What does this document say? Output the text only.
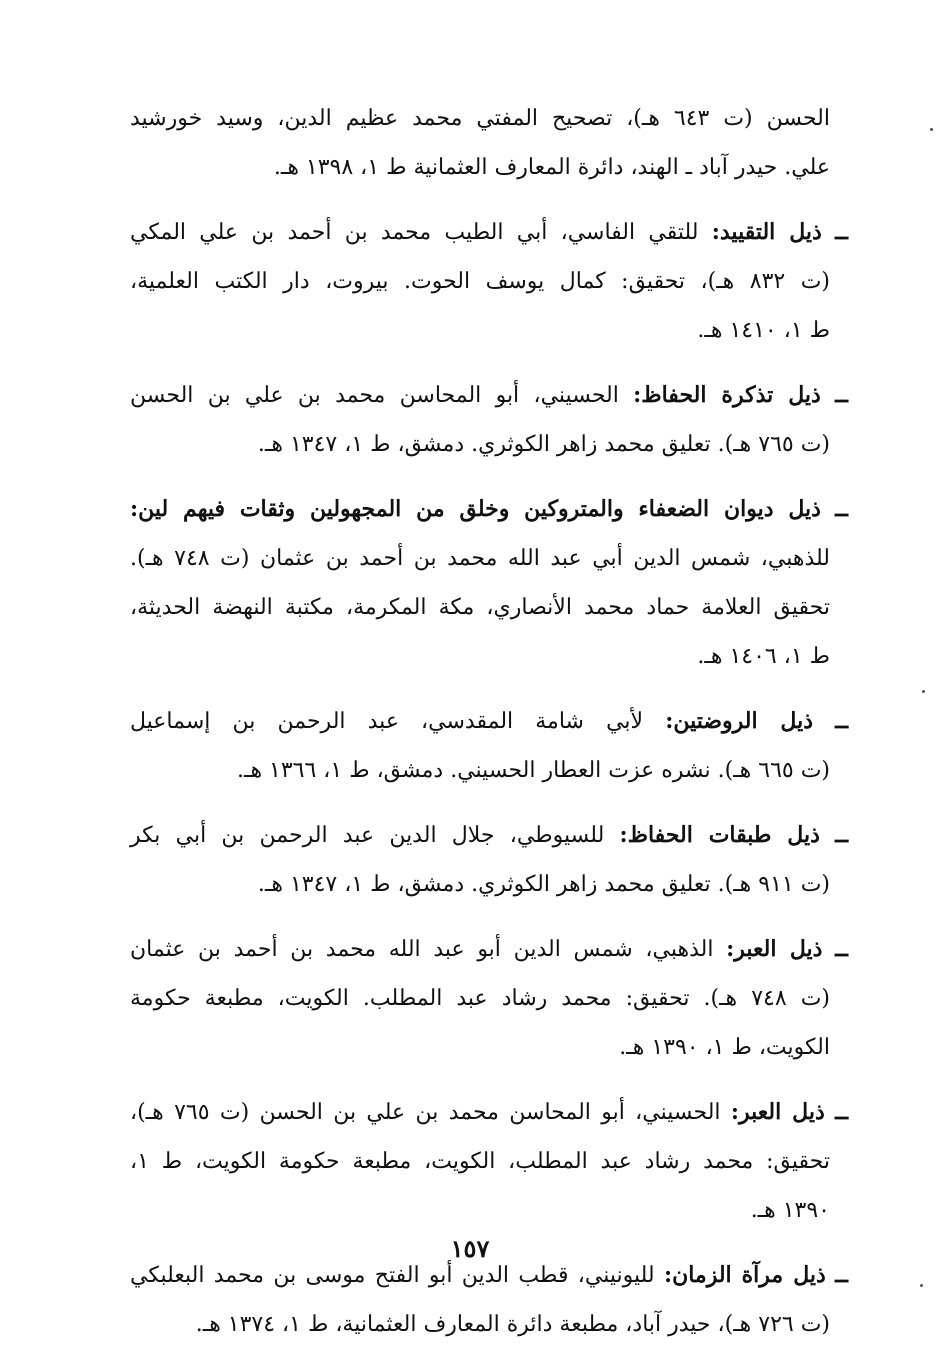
الحسن (ت ٦٤٣ هـ)، تصحيح المفتي محمد عظيم الدين، وسيد خورشيد
علي. حيدر آباد ـ الهند، دائرة المعارف العثمانية ط ١، ١٣٩٨ هـ.
ــ ذيل التقييد: للتقي الفاسي، أبي الطيب محمد بن أحمد بن علي المكي
(ت ٨٣٢ هـ)، تحقيق: كمال يوسف الحوت. بيروت، دار الكتب العلمية،
ط ١، ١٤١٠ هـ.
ــ ذيل تذكرة الحفاظ: الحسيني، أبو المحاسن محمد بن علي بن الحسن
(ت ٧٦٥ هـ). تعليق محمد زاهر الكوثري. دمشق، ط ١، ١٣٤٧ هـ.
ــ ذيل ديوان الضعفاء والمتروكين وخلق من المجهولين وثقات فيهم لين:
للذهبي، شمس الدين أبي عبد الله محمد بن أحمد بن عثمان (ت ٧٤٨ هـ).
تحقيق العلامة حماد محمد الأنصاري، مكة المكرمة، مكتبة النهضة الحديثة،
ط ١، ١٤٠٦ هـ.
ــ ذيل الروضتين: لأبي شامة المقدسي، عبد الرحمن بن إسماعيل
(ت ٦٦٥ هـ). نشره عزت العطار الحسيني. دمشق، ط ١، ١٣٦٦ هـ.
ــ ذيل طبقات الحفاظ: للسيوطي، جلال الدين عبد الرحمن بن أبي بكر
(ت ٩١١ هـ). تعليق محمد زاهر الكوثري. دمشق، ط ١، ١٣٤٧ هـ.
ــ ذيل العبر: الذهبي، شمس الدين أبو عبد الله محمد بن أحمد بن عثمان
(ت ٧٤٨ هـ). تحقيق: محمد رشاد عبد المطلب. الكويت، مطبعة حكومة
الكويت، ط ١، ١٣٩٠ هـ.
ــ ذيل العبر: الحسيني، أبو المحاسن محمد بن علي بن الحسن (ت ٧٦٥ هـ)،
تحقيق: محمد رشاد عبد المطلب، الكويت، مطبعة حكومة الكويت، ط ١،
١٣٩٠ هـ.
ــ ذيل مرآة الزمان: لليونيني، قطب الدين أبو الفتح موسى بن محمد البعلبكي
(ت ٧٢٦ هـ)، حيدر آباد، مطبعة دائرة المعارف العثمانية، ط ١، ١٣٧٤ هـ.
١٥٧
